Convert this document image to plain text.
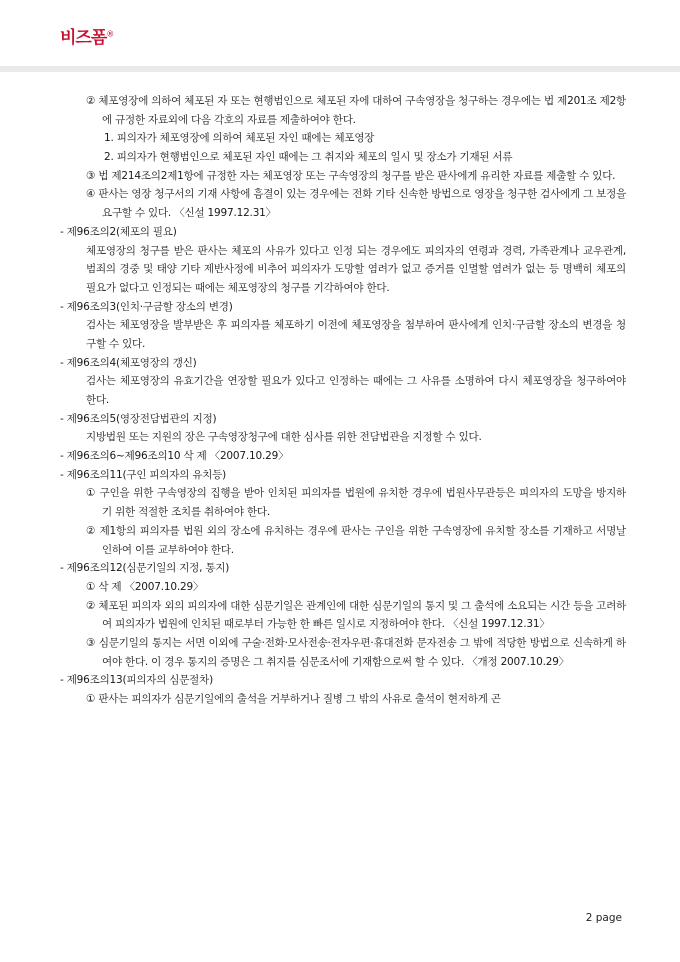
비즈폼®
② 체포영장에 의하여 체포된 자 또는 현행범인으로 체포된 자에 대하여 구속영장을 청구하는 경우에는 법 제201조 제2항에 규정한 자료외에 다음 각호의 자료를 제출하여야 한다.
1. 피의자가 체포영장에 의하여 체포된 자인 때에는 체포영장
2. 피의자가 현행범인으로 체포된 자인 때에는 그 취지와 체포의 일시 및 장소가 기재된 서류
③ 법 제214조의2제1항에 규정한 자는 체포영장 또는 구속영장의 청구를 받은 판사에게 유리한 자료를 제출할 수 있다.
④ 판사는 영장 청구서의 기재 사항에 흠결이 있는 경우에는 전화 기타 신속한 방법으로 영장을 청구한 검사에게 그 보정을 요구할 수 있다. 〈신설 1997.12.31〉
- 제96조의2(체포의 필요)
체포영장의 청구를 받은 판사는 체포의 사유가 있다고 인정 되는 경우에도 피의자의 연령과 경력, 가족관계나 교우관계, 범죄의 경중 및 태양 기타 제반사정에 비추어 피의자가 도망할 염려가 없고 증거를 인멸할 염려가 없는 등 명백히 체포의 필요가 없다고 인정되는 때에는 체포영장의 청구를 기각하여야 한다.
- 제96조의3(인치·구금할 장소의 변경)
검사는 체포영장을 발부받은 후 피의자를 체포하기 이전에 체포영장을 첨부하여 판사에게 인치·구금할 장소의 변경을 청구할 수 있다.
- 제96조의4(체포영장의 갱신)
검사는 체포영장의 유효기간을 연장할 필요가 있다고 인정하는 때에는 그 사유를 소명하여 다시 체포영장을 청구하여야 한다.
- 제96조의5(영장전담법관의 지정)
지방법원 또는 지원의 장은 구속영장청구에 대한 심사를 위한 전담법관을 지정할 수 있다.
- 제96조의6~제96조의10 삭 제 〈2007.10.29〉
- 제96조의11(구인 피의자의 유치등)
① 구인을 위한 구속영장의 집행을 받아 인치된 피의자를 법원에 유치한 경우에 법원사무관등은 피의자의 도망을 방지하기 위한 적절한 조치를 취하여야 한다.
② 제1항의 피의자를 법원 외의 장소에 유치하는 경우에 판사는 구인을 위한 구속영장에 유치할 장소를 기재하고 서명날인하여 이를 교부하여야 한다.
- 제96조의12(심문기일의 지정, 통지)
① 삭 제 〈2007.10.29〉
② 체포된 피의자 외의 피의자에 대한 심문기일은 관계인에 대한 심문기일의 통지 및 그 출석에 소요되는 시간 등을 고려하여 피의자가 법원에 인치된 때로부터 가능한 한 빠른 일시로 지정하여야 한다. 〈신설 1997.12.31〉
③ 심문기일의 통지는 서면 이외에 구술·전화·모사전송·전자우편·휴대전화 문자전송 그 밖에 적당한 방법으로 신속하게 하여야 한다. 이 경우 통지의 증명은 그 취지를 심문조서에 기재함으로써 할 수 있다. 〈개정 2007.10.29〉
- 제96조의13(피의자의 심문절차)
① 판사는 피의자가 심문기일에의 출석을 거부하거나 질병 그 밖의 사유로 출석이 현저하게 곤
2 page
